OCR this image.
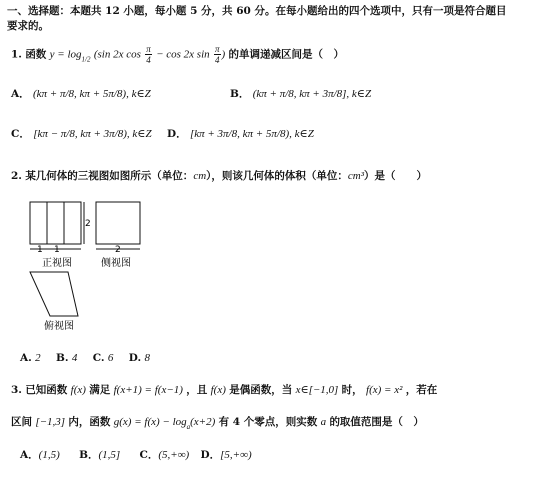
一、选择题：本题共 12 小题，每小题 5 分，共 60 分。在每小题给出的四个选项中，只有一项是符合题目
要求的。
1. 函数 $y = \log_{1/2} (\sin$ 2x $\cos \frac{\pi}{4} - \cos 2x$ $\sin \frac{\pi}{4}$ ) 的单调递减区间是（　）
A． (kπ + π/8, kπ + 5π/8), k∈Z	B． (kπ + π/8, kπ + 3π/8], k∈Z
C． [kπ − π/8, kπ + 3π/8), k∈Z D． [kπ + 3π/8, kπ + 5π/8), k∈Z
2. 某几何体的三视图如图所示（单位：cm），则该几何体的体积（单位：cm³）是（　　）
2
1 1
正视图
2
侧视图
俯视图
A. 2 B. 4 C. 6 D. 8
3. 已知函数 f(x) 满足 f(x+1) = f(x−1) ，且 f(x) 是偶函数，当 x∈[−1,0] 时， f(x) = x² ，若在
区间 [−1,3] 内，函数 $g(x) = f(x) - \log_a(x+2)$ 有 4 个零点，则实数 a 的取值范围是（　）
A．(1,5) B．(1,5] C．(5,+∞) D．[5,+∞)
